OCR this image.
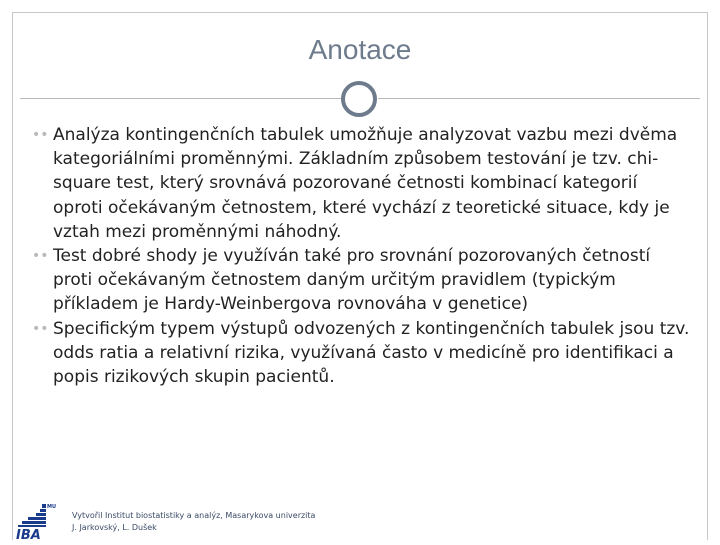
Anotace
•• Analýza kontingenčních tabulek umožňuje analyzovat vazbu mezi dvěma kategoriálními proměnnými. Základním způsobem testování je tzv. chi-square test, který srovnává pozorované četnosti kombinací kategorií oproti očekávaným četnostem, které vychází z teoretické situace, kdy je vztah mezi proměnnými náhodný.
•• Test dobré shody je využíván také pro srovnání pozorovaných četností proti očekávaným četnostem daným určitým pravidlem (typickým příkladem je Hardy-Weinbergova rovnováha v genetice)
•• Specifickým typem výstupů odvozených z kontingenčních tabulek jsou tzv. odds ratia a relativní rizika, využívaná často v medicíně pro identifikaci a popis rizikových skupin pacientů.
MU
IBA
Vytvořil Institut biostatistiky a analýz, Masarykova univerzita
J. Jarkovský, L. Dušek
